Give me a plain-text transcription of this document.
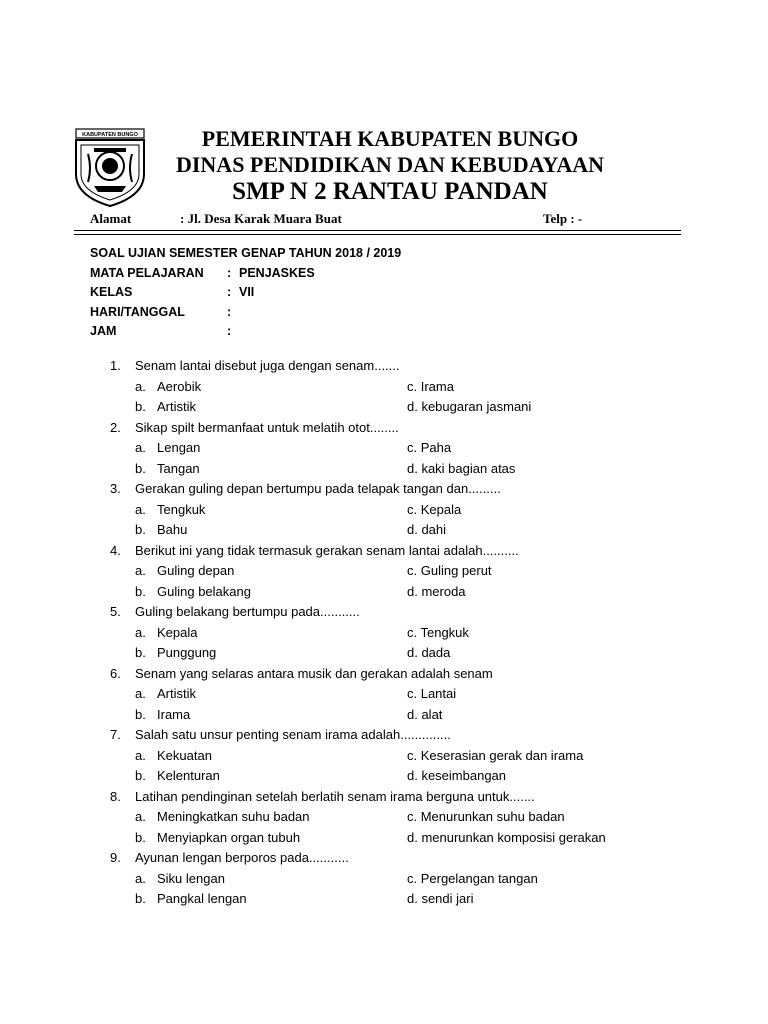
KABUPATEN BUNGO	PEMERINTAH KABUPATEN BUNGO
DINAS PENDIDIKAN DAN KEBUDAYAAN
SMP N 2 RANTAU PANDAN
Alamat	: Jl. Desa Karak Muara Buat	Telp : -
SOAL UJIAN SEMESTER GENAP TAHUN 2018 / 2019
MATA PELAJARAN : PENJASKES
KELAS	: VII
HARI/TANGGAL	:
JAM	:
1. Senam lantai disebut juga dengan senam.......
a. Aerobik	c. Irama
b. Artistik	d. kebugaran jasmani
2. Sikap spilt bermanfaat untuk melatih otot........
a. Lengan	c. Paha
b. Tangan	d. kaki bagian atas
3. Gerakan guling depan bertumpu pada telapak tangan dan.........
a. Tengkuk	c. Kepala
b. Bahu	d. dahi
4. Berikut ini yang tidak termasuk gerakan senam lantai adalah..........
a. Guling depan	c. Guling perut
b. Guling belakang	d. meroda
5. Guling belakang bertumpu pada...........
a. Kepala	c. Tengkuk
b. Punggung	d. dada
6. Senam yang selaras antara musik dan gerakan adalah senam
a. Artistik	c. Lantai
b. Irama	d. alat
7. Salah satu unsur penting senam irama adalah..............
a. Kekuatan	c. Keserasian gerak dan irama
b. Kelenturan	d. keseimbangan
8. Latihan pendinginan setelah berlatih senam irama berguna untuk.......
a. Meningkatkan suhu badan	c. Menurunkan suhu badan
b. Menyiapkan organ tubuh	d. menurunkan komposisi gerakan
9. Ayunan lengan berporos pada...........
a. Siku lengan	c. Pergelangan tangan
b. Pangkal lengan	d. sendi jari
